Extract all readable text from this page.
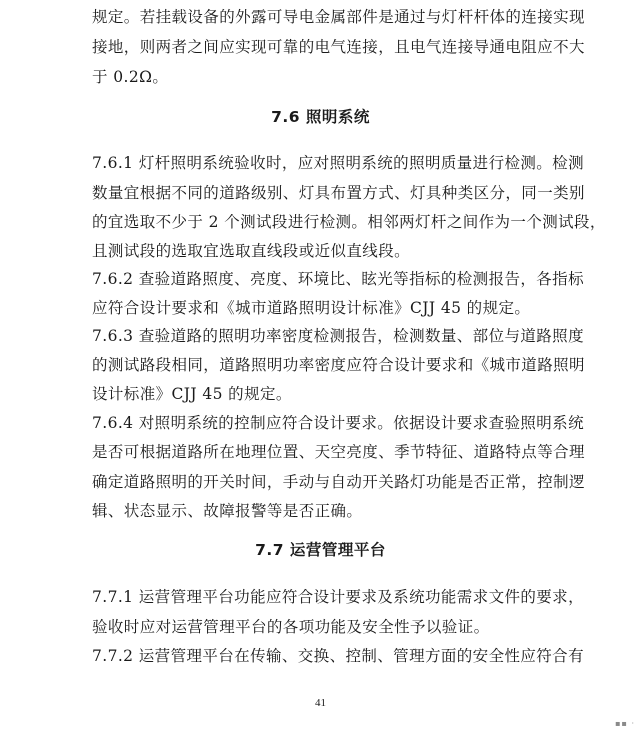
规定。若挂载设备的外露可导电金属部件是通过与灯杆杆体的连接实现
接地，则两者之间应实现可靠的电气连接，且电气连接导通电阻应不大
于 0.2Ω。
7.6 照明系统
7.6.1 灯杆照明系统验收时，应对照明系统的照明质量进行检测。检测
数量宜根据不同的道路级别、灯具布置方式、灯具种类区分，同一类别
的宜选取不少于 2 个测试段进行检测。相邻两灯杆之间作为一个测试段，
且测试段的选取宜选取直线段或近似直线段。
7.6.2 查验道路照度、亮度、环境比、眩光等指标的检测报告，各指标
应符合设计要求和《城市道路照明设计标准》CJJ 45 的规定。
7.6.3 查验道路的照明功率密度检测报告，检测数量、部位与道路照度
的测试路段相同，道路照明功率密度应符合设计要求和《城市道路照明
设计标准》CJJ 45 的规定。
7.6.4 对照明系统的控制应符合设计要求。依据设计要求查验照明系统
是否可根据道路所在地理位置、天空亮度、季节特征、道路特点等合理
确定道路照明的开关时间，手动与自动开关路灯功能是否正常，控制逻
辑、状态显示、故障报警等是否正确。
7.7 运营管理平台
7.7.1 运营管理平台功能应符合设计要求及系统功能需求文件的要求，
验收时应对运营管理平台的各项功能及安全性予以验证。
7.7.2 运营管理平台在传输、交换、控制、管理方面的安全性应符合有
41
▪▪ ·
